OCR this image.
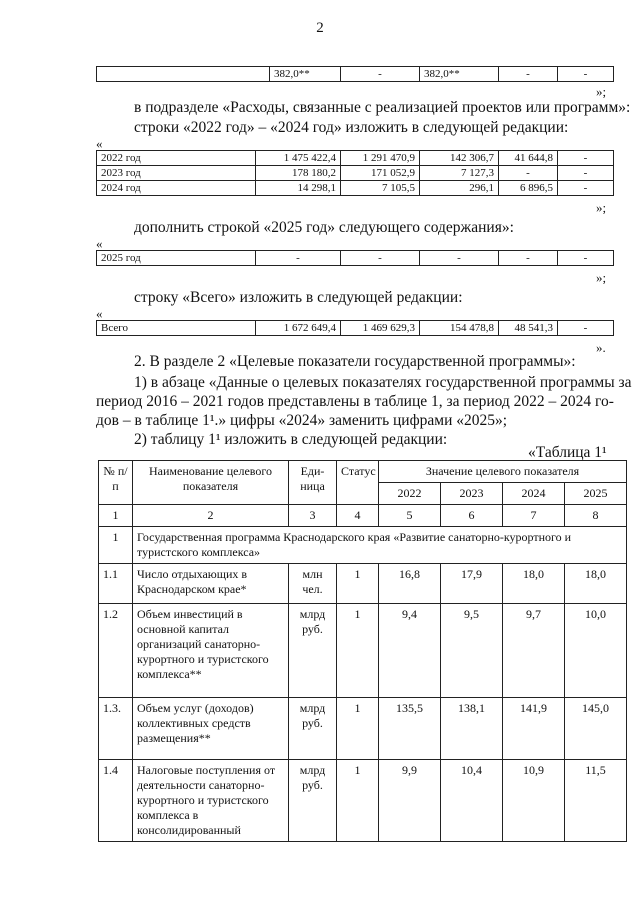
2
	382,0**	-	382,0**	-	-
»;
в подразделе «Расходы, связанные с реализацией проектов или программ»:
строки «2022 год» – «2024 год» изложить в следующей редакции:
«
2022 год	1 475 422,4	1 291 470,9	142 306,7	41 644,8	-
2023 год	178 180,2	171 052,9	7 127,3	-	-
2024 год	14 298,1	7 105,5	296,1	6 896,5	-
»;
дополнить строкой «2025 год» следующего содержания»:
«
2025 год	-	-	-	-	-
»;
строку «Всего» изложить в следующей редакции:
«
Всего	1 672 649,4	1 469 629,3	154 478,8	48 541,3	-
».
2. В разделе 2 «Целевые показатели государственной программы»:
1) в абзаце «Данные о целевых показателях государственной программы за
период 2016 – 2021 годов представлены в таблице 1, за период 2022 – 2024 го-
дов – в таблице 1¹.» цифры «2024» заменить цифрами «2025»;
2) таблицу 1¹ изложить в следующей редакции:
«Таблица 1¹
№ п/п	Наименование целевого показателя	Еди- ница	Статус	Значение целевого показателя			
				2022	2023	2024	2025
1	2	3	4	5	6	7	8
1	Государственная программа Краснодарского края «Развитие санаторно-курортного и туристского комплекса»						
1.1	Число отдыхающих в Краснодарском крае*	млн чел.	1	16,8	17,9	18,0	18,0
1.2	Объем инвестиций в основной капитал организаций санаторно-курортного и туристского комплекса**	млрд руб.	1	9,4	9,5	9,7	10,0
1.3.	Объем услуг (доходов) коллективных средств размещения**	млрд руб.	1	135,5	138,1	141,9	145,0
1.4	Налоговые поступления от деятельности санаторно-курортного и туристского комплекса в консолидированный	млрд руб.	1	9,9	10,4	10,9	11,5
